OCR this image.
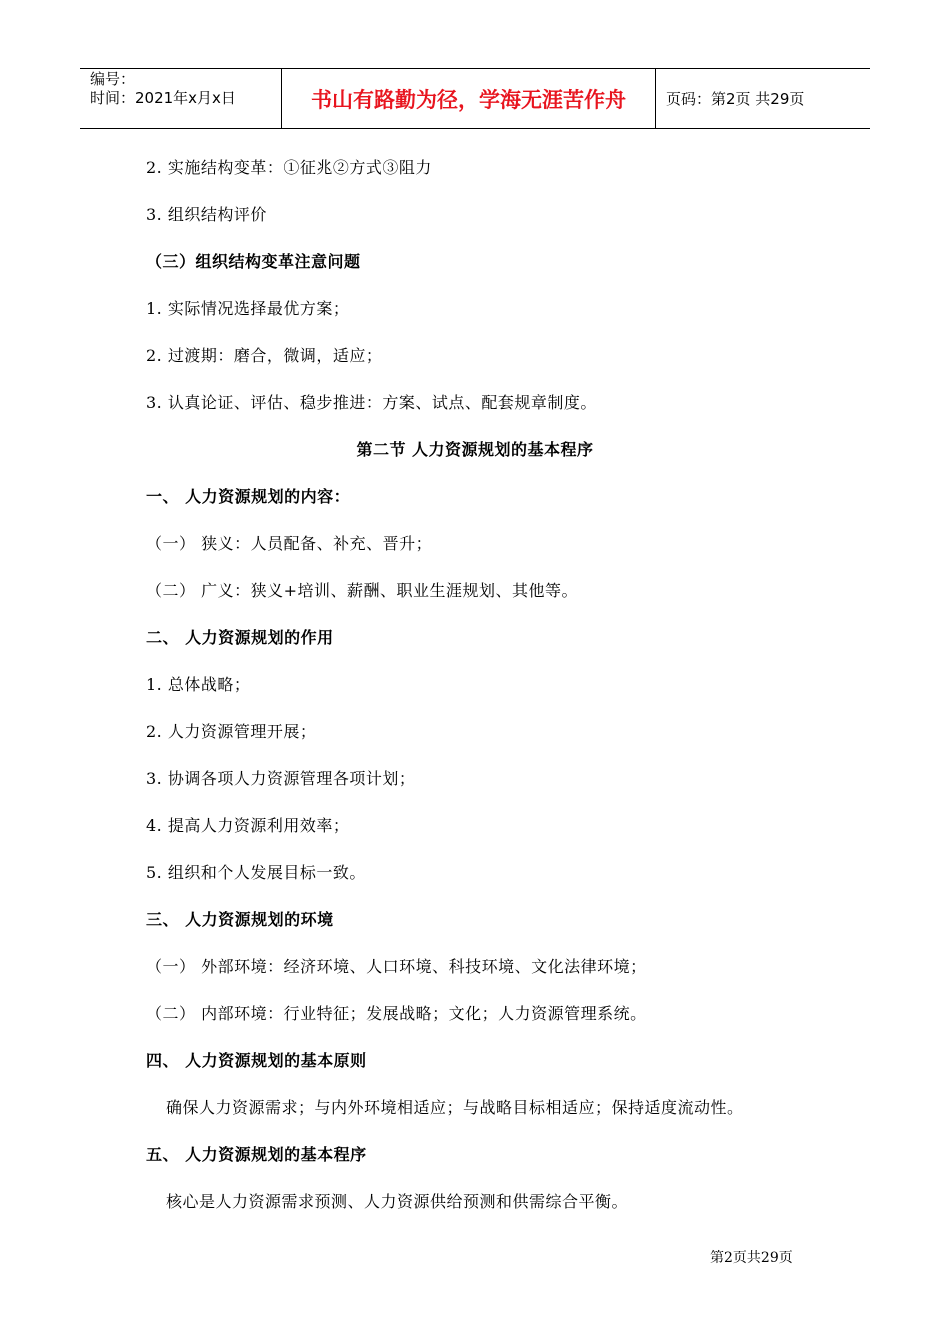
编号：
时间：2021年x月x日	书山有路勤为径，学海无涯苦作舟	页码：第2页 共29页
2. 实施结构变革：①征兆②方式③阻力
3. 组织结构评价
（三）组织结构变革注意问题
1. 实际情况选择最优方案；
2. 过渡期：磨合，微调，适应；
3. 认真论证、评估、稳步推进：方案、试点、配套规章制度。
第二节 人力资源规划的基本程序
一、 人力资源规划的内容：
（一） 狭义：人员配备、补充、晋升；
（二） 广义：狭义+培训、薪酬、职业生涯规划、其他等。
二、 人力资源规划的作用
1. 总体战略；
2. 人力资源管理开展；
3. 协调各项人力资源管理各项计划；
4. 提高人力资源利用效率；
5. 组织和个人发展目标一致。
三、 人力资源规划的环境
（一） 外部环境：经济环境、人口环境、科技环境、文化法律环境；
（二） 内部环境：行业特征；发展战略；文化；人力资源管理系统。
四、 人力资源规划的基本原则
确保人力资源需求；与内外环境相适应；与战略目标相适应；保持适度流动性。
五、 人力资源规划的基本程序
核心是人力资源需求预测、人力资源供给预测和供需综合平衡。
第2页共29页
